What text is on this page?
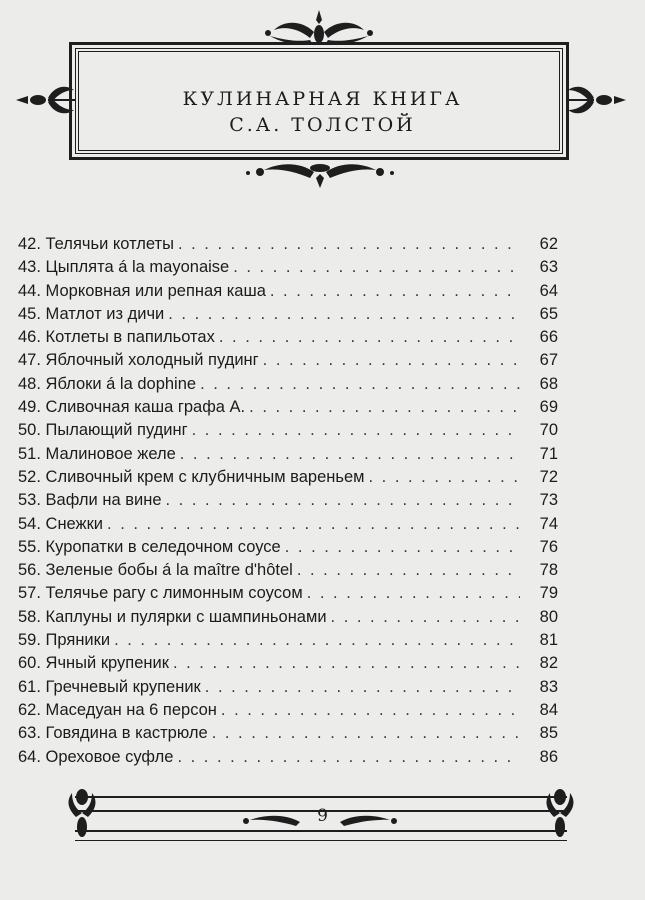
КУЛИНАРНАЯ КНИГА
С.А. ТОЛСТОЙ
42.
Телячьи котлеты . . .	62
43.
Цыплята á la mayonaise . . .	63
44.
Морковная или репная каша . . .	64
45.
Матлот из дичи . . .	65
46.
Котлеты в папильотах . . .	66
47.
Яблочный холодный пудинг . . .	67
48.
Яблоки á la dophine . . .	68
49.
Сливочная каша графа А. . . .	69
50.
Пылающий пудинг . . .	70
51.
Малиновое желе . . .	71
52.
Сливочный крем с клубничным вареньем . . .	72
53.
Вафли на вине . . .	73
54.
Снежки . . .	74
55.
Куропатки в селедочном соусе . . .	76
56.
Зеленые бобы á la maître d'hôtel . . .	78
57.
Телячье рагу с лимонным соусом . . .	79
58.
Каплуны и пулярки с шампиньонами . . .	80
59.
Пряники . . .	81
60.
Ячный крупеник . . .	82
61.
Гречневый крупеник . . .	83
62.
Маседуан на 6 персон . . .	84
63.
Говядина в кастрюле . . .	85
64.
Ореховое суфле . . .	86
9
